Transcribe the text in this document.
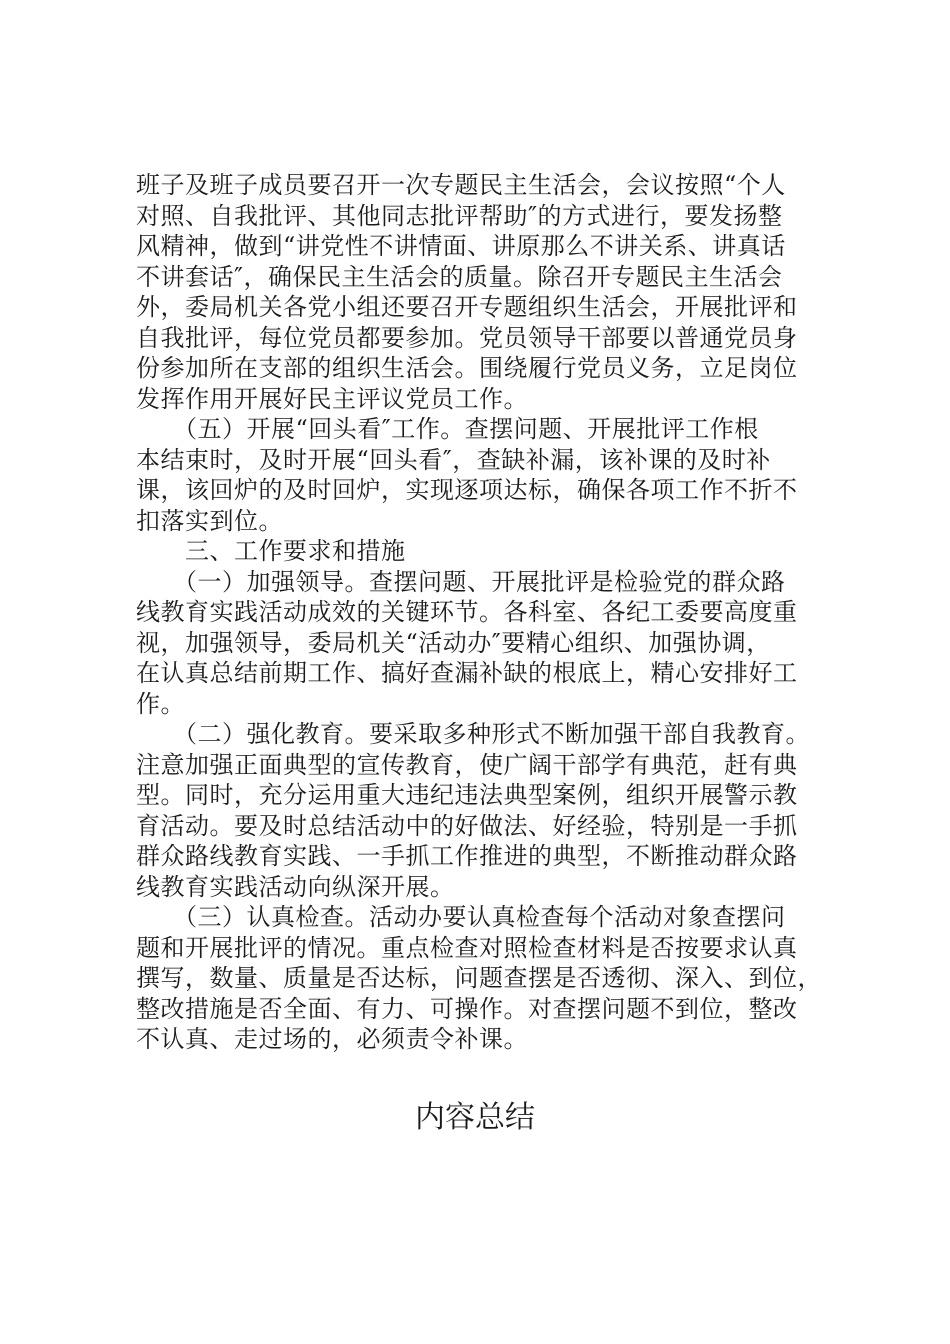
班子及班子成员要召开一次专题民主生活会，会议按照“个人
对照、自我批评、其他同志批评帮助″的方式进行，要发扬整
风精神，做到“讲党性不讲情面、讲原那么不讲关系、讲真话
不讲套话″，确保民主生活会的质量。除召开专题民主生活会
外，委局机关各党小组还要召开专题组织生活会，开展批评和
自我批评，每位党员都要参加。党员领导干部要以普通党员身
份参加所在支部的组织生活会。围绕履行党员义务，立足岗位
发挥作用开展好民主评议党员工作。
　　（五）开展“回头看″工作。查摆问题、开展批评工作根
本结束时，及时开展“回头看″，查缺补漏，该补课的及时补
课，该回炉的及时回炉，实现逐项达标，确保各项工作不折不
扣落实到位。
　　三、工作要求和措施
　　（一）加强领导。查摆问题、开展批评是检验党的群众路
线教育实践活动成效的关键环节。各科室、各纪工委要高度重
视，加强领导，委局机关“活动办″要精心组织、加强协调，
在认真总结前期工作、搞好查漏补缺的根底上，精心安排好工
作。
　　（二）强化教育。要采取多种形式不断加强干部自我教育。
注意加强正面典型的宣传教育，使广阔干部学有典范，赶有典
型。同时，充分运用重大违纪违法典型案例，组织开展警示教
育活动。要及时总结活动中的好做法、好经验，特别是一手抓
群众路线教育实践、一手抓工作推进的典型，不断推动群众路
线教育实践活动向纵深开展。
　　（三）认真检查。活动办要认真检查每个活动对象查摆问
题和开展批评的情况。重点检查对照检查材料是否按要求认真
撰写，数量、质量是否达标，问题查摆是否透彻、深入、到位，
整改措施是否全面、有力、可操作。对查摆问题不到位，整改
不认真、走过场的，必须责令补课。
内容总结
